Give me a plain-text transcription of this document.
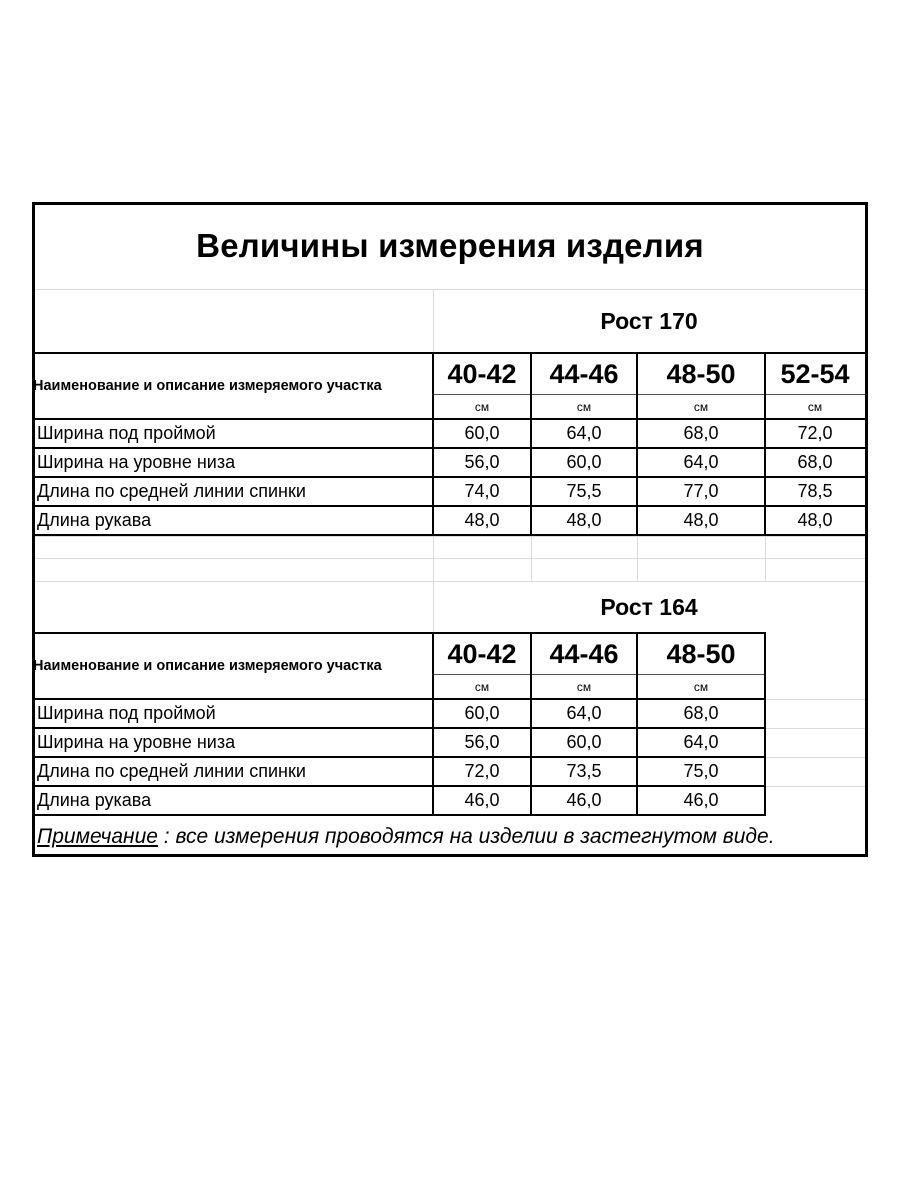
Величины измерения изделия
Рост 170
Наименование и описание измеряемого участка	40-42	44-46	48-50	52-54
см	см	см	см
Ширина под проймой	60,0	64,0	68,0	72,0
Ширина на уровне низа	56,0	60,0	64,0	68,0
Длина по средней линии спинки	74,0	75,5	77,0	78,5
Длина рукава	48,0	48,0	48,0	48,0
Рост 164
Наименование и описание измеряемого участка	40-42	44-46	48-50
см	см	см
Ширина под проймой	60,0	64,0	68,0
Ширина на уровне низа	56,0	60,0	64,0
Длина по средней линии спинки	72,0	73,5	75,0
Длина рукава	46,0	46,0	46,0
Примечание : все измерения проводятся на изделии в застегнутом виде.
